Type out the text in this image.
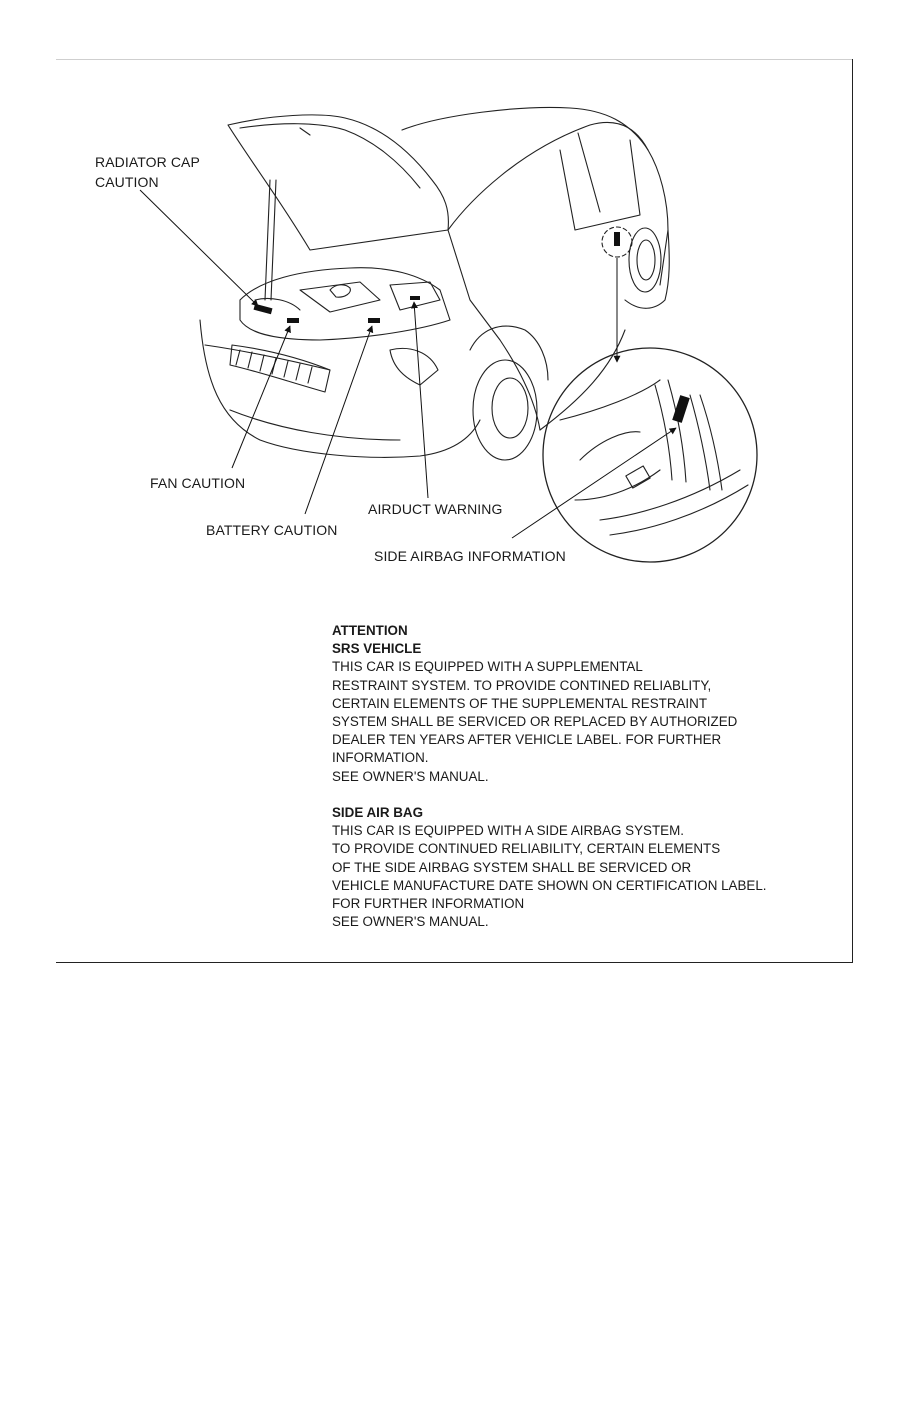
RADIATOR CAP
CAUTION
FAN CAUTION
BATTERY CAUTION
AIRDUCT WARNING
SIDE AIRBAG INFORMATION
ATTENTION
SRS VEHICLE
THIS CAR IS EQUIPPED WITH A SUPPLEMENTAL
RESTRAINT SYSTEM. TO PROVIDE CONTINED RELIABLITY,
CERTAIN ELEMENTS OF THE SUPPLEMENTAL RESTRAINT
SYSTEM SHALL BE SERVICED OR REPLACED BY AUTHORIZED
DEALER TEN YEARS AFTER VEHICLE LABEL. FOR FURTHER
INFORMATION.
SEE OWNER'S MANUAL.
SIDE AIR BAG
THIS CAR IS EQUIPPED WITH A SIDE AIRBAG SYSTEM.
TO PROVIDE CONTINUED RELIABILITY, CERTAIN ELEMENTS
OF THE SIDE AIRBAG SYSTEM SHALL BE SERVICED OR
VEHICLE MANUFACTURE DATE SHOWN ON CERTIFICATION LABEL.
FOR FURTHER INFORMATION
SEE OWNER'S MANUAL.
